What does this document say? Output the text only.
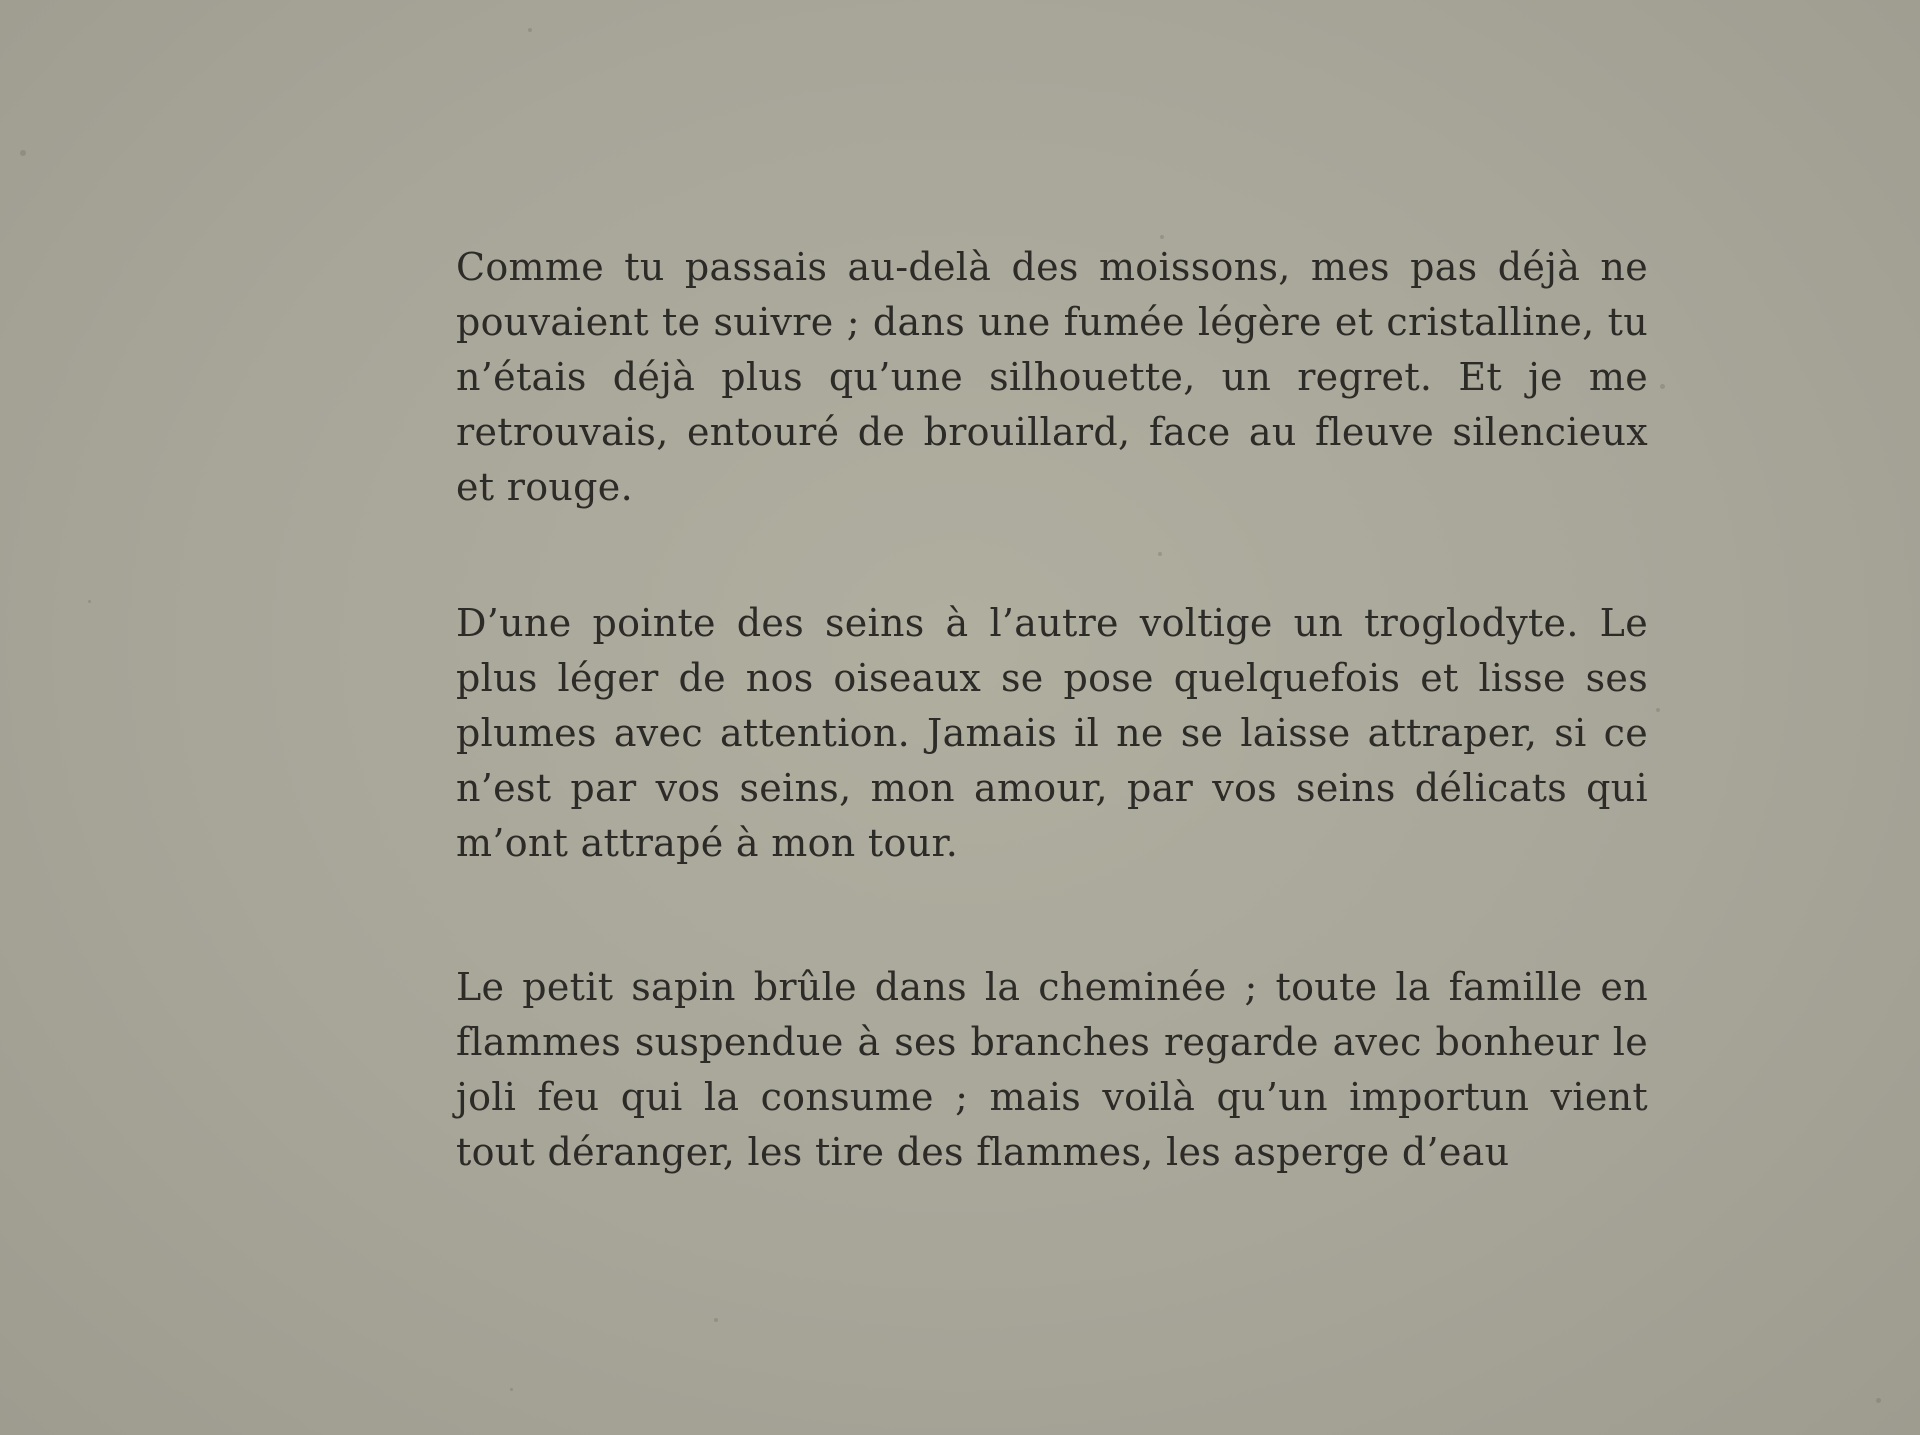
Comme tu passais au-delà des moissons, mes pas déjà ne pouvaient te suivre ; dans une fumée légère et cristalline, tu n’étais déjà plus qu’une silhouette, un regret. Et je me retrouvais, entouré de brouillard, face au fleuve silencieux et rouge.

D’une pointe des seins à l’autre voltige un troglodyte. Le plus léger de nos oiseaux se pose quelquefois et lisse ses plumes avec attention. Jamais il ne se laisse attraper, si ce n’est par vos seins, mon amour, par vos seins délicats qui m’ont attrapé à mon tour.

Le petit sapin brûle dans la cheminée ; toute la famille en flammes suspendue à ses branches regarde avec bonheur le joli feu qui la consume ; mais voilà qu’un importun vient tout déranger, les tire des flammes, les asperge d’eau
